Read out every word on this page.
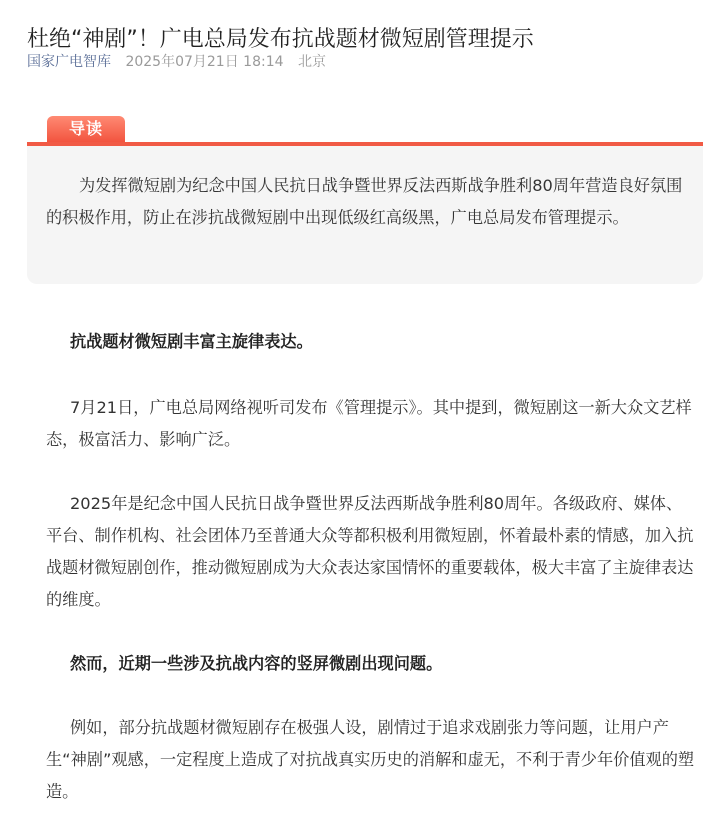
杜绝“神剧”！广电总局发布抗战题材微短剧管理提示
国家广电智库 2025年07月21日 18:14 北京
导读
为发挥微短剧为纪念中国人民抗日战争暨世界反法西斯战争胜利80周年营造良好氛围的积极作用，防止在涉抗战微短剧中出现低级红高级黑，广电总局发布管理提示。

抗战题材微短剧丰富主旋律表达。

7月21日，广电总局网络视听司发布《管理提示》。其中提到，微短剧这一新大众文艺样态，极富活力、影响广泛。

2025年是纪念中国人民抗日战争暨世界反法西斯战争胜利80周年。各级政府、媒体、平台、制作机构、社会团体乃至普通大众等都积极利用微短剧，怀着最朴素的情感，加入抗战题材微短剧创作，推动微短剧成为大众表达家国情怀的重要载体，极大丰富了主旋律表达的维度。

然而，近期一些涉及抗战内容的竖屏微剧出现问题。

例如，部分抗战题材微短剧存在极强人设，剧情过于追求戏剧张力等问题，让用户产生“神剧”观感，一定程度上造成了对抗战真实历史的消解和虚无，不利于青少年价值观的塑造。
